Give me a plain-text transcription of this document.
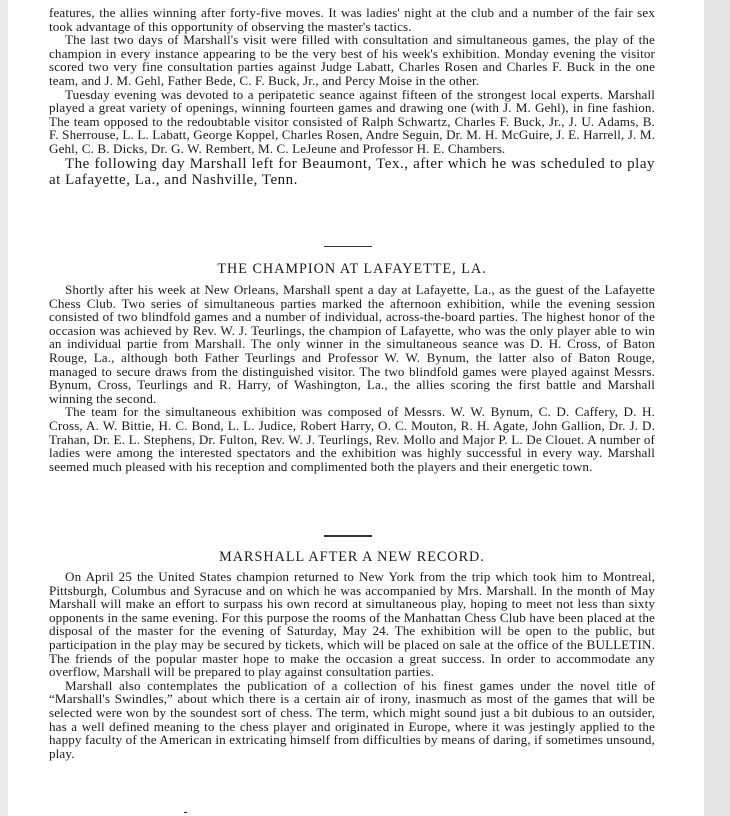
features, the allies winning after forty-five moves. It was ladies' night at the club and a number of the fair sex took advantage of this opportunity of observing the master's tactics.

The last two days of Marshall's visit were filled with consultation and simultaneous games, the play of the champion in every instance appearing to be the very best of his week's exhibition. Monday evening the visitor scored two very fine consultation parties against Judge Labatt, Charles Rosen and Charles F. Buck in the one team, and J. M. Gehl, Father Bede, C. F. Buck, Jr., and Percy Moise in the other.

Tuesday evening was devoted to a peripatetic seance against fifteen of the strongest local experts. Marshall played a great variety of openings, winning fourteen games and drawing one (with J. M. Gehl), in fine fashion. The team opposed to the redoubtable visitor consisted of Ralph Schwartz, Charles F. Buck, Jr., J. U. Adams, B. F. Sherrouse, L. L. Labatt, George Koppel, Charles Rosen, Andre Seguin, Dr. M. H. McGuire, J. E. Harrell, J. M. Gehl, C. B. Dicks, Dr. G. W. Rembert, M. C. LeJeune and Professor H. E. Chambers.

The following day Marshall left for Beaumont, Tex., after which he was scheduled to play at Lafayette, La., and Nashville, Tenn.

THE CHAMPION AT LAFAYETTE, LA.

Shortly after his week at New Orleans, Marshall spent a day at Lafayette, La., as the guest of the Lafayette Chess Club. Two series of simultaneous parties marked the afternoon exhibition, while the evening session consisted of two blindfold games and a number of individual, across-the-board parties. The highest honor of the occasion was achieved by Rev. W. J. Teurlings, the champion of Lafayette, who was the only player able to win an individual partie from Marshall. The only winner in the simultaneous seance was D. H. Cross, of Baton Rouge, La., although both Father Teurlings and Professor W. W. Bynum, the latter also of Baton Rouge, managed to secure draws from the distinguished visitor. The two blindfold games were played against Messrs. Bynum, Cross, Teurlings and R. Harry, of Washington, La., the allies scoring the first battle and Marshall winning the second.

The team for the simultaneous exhibition was composed of Messrs. W. W. Bynum, C. D. Caffery, D. H. Cross, A. W. Bittie, H. C. Bond, L. L. Judice, Robert Harry, O. C. Mouton, R. H. Agate, John Gallion, Dr. J. D. Trahan, Dr. E. L. Stephens, Dr. Fulton, Rev. W. J. Teurlings, Rev. Mollo and Major P. L. De Clouet. A number of ladies were among the interested spectators and the exhibition was highly successful in every way. Marshall seemed much pleased with his reception and complimented both the players and their energetic town.

MARSHALL AFTER A NEW RECORD.

On April 25 the United States champion returned to New York from the trip which took him to Montreal, Pittsburgh, Columbus and Syracuse and on which he was accompanied by Mrs. Marshall. In the month of May Marshall will make an effort to surpass his own record at simultaneous play, hoping to meet not less than sixty opponents in the same evening. For this purpose the rooms of the Manhattan Chess Club have been placed at the disposal of the master for the evening of Saturday, May 24. The exhibition will be open to the public, but participation in the play may be secured by tickets, which will be placed on sale at the office of the BULLETIN. The friends of the popular master hope to make the occasion a great success. In order to accommodate any overflow, Marshall will be prepared to play against consultation parties.

Marshall also contemplates the publication of a collection of his finest games under the novel title of “Marshall's Swindles,” about which there is a certain air of irony, inasmuch as most of the games that will be selected were won by the soundest sort of chess. The term, which might sound just a bit dubious to an outsider, has a well defined meaning to the chess player and originated in Europe, where it was jestingly applied to the happy faculty of the American in extricating himself from difficulties by means of daring, if sometimes unsound, play.
